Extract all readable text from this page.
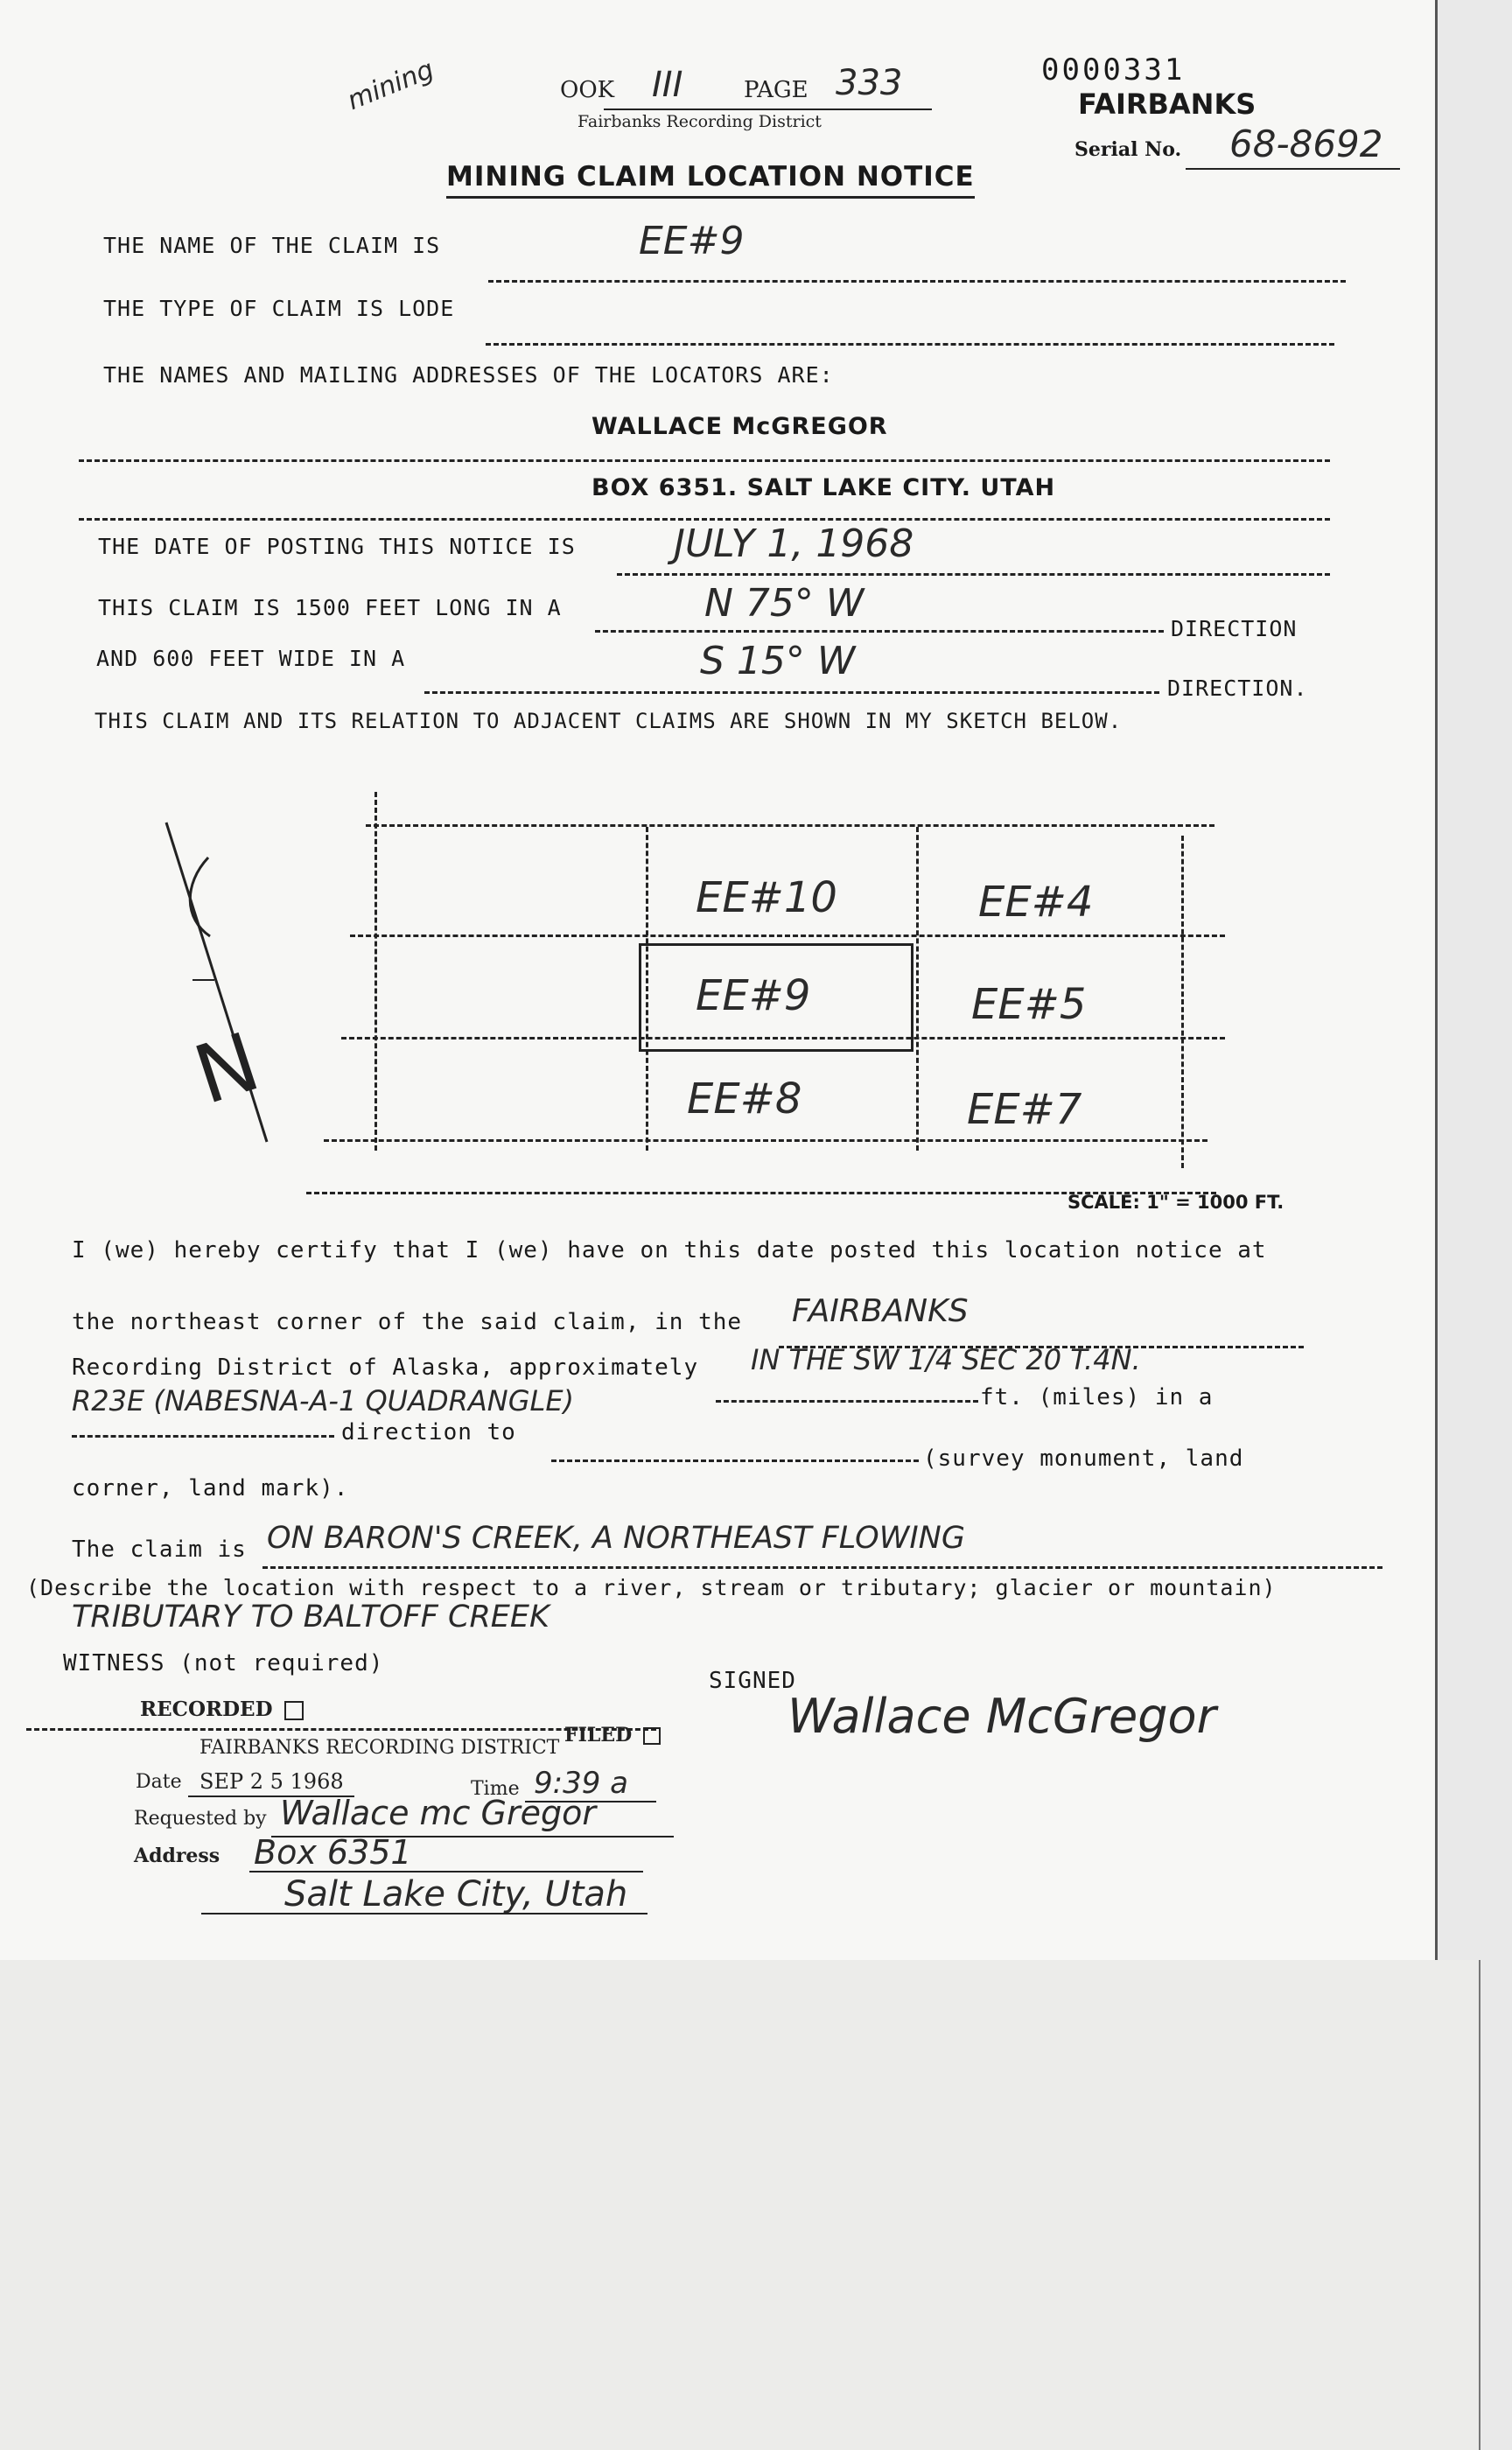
mining	OOK III	PAGE 333
Fairbanks Recording District
0000331
FAIRBANKS
Serial No. 68-8692
MINING CLAIM LOCATION NOTICE
THE NAME OF THE CLAIM IS	EE#9
THE TYPE OF CLAIM IS LODE
THE NAMES AND MAILING ADDRESSES OF THE LOCATORS ARE:
WALLACE McGREGOR
BOX 6351. SALT LAKE CITY. UTAH
THE DATE OF POSTING THIS NOTICE IS	JULY 1, 1968
THIS CLAIM IS 1500 FEET LONG IN A	N 75° W
DIRECTION
AND 600 FEET WIDE IN A	S 15° W
DIRECTION.
THIS CLAIM AND ITS RELATION TO ADJACENT CLAIMS ARE SHOWN IN MY SKETCH BELOW.
EE#10	EE#4
EE#9	EE#5
EE#8	EE#7
N
SCALE: 1" = 1000 FT.
I (we) hereby certify that I (we) have on this date posted this location notice at
the northeast corner of the said claim, in the FAIRBANKS
Recording District of Alaska, approximately IN THE SW 1/4 SEC 20 T.4N.
ft. (miles) in a
R23E (NABESNA-A-1 QUADRANGLE)
direction to
(survey monument, land
corner, land mark).
The claim is ON BARON'S CREEK, A NORTHEAST FLOWING
(Describe the location with respect to a river, stream or tributary; glacier or mountain)
TRIBUTARY TO BALTOFF CREEK
WITNESS (not required)
SIGNED
Wallace McGregor
RECORDED
FILED
FAIRBANKS RECORDING DISTRICT
Date SEP 2 5 1968	Time 9:39 a
Requested by Wallace mc Gregor
Address Box 6351
Salt Lake City, Utah
